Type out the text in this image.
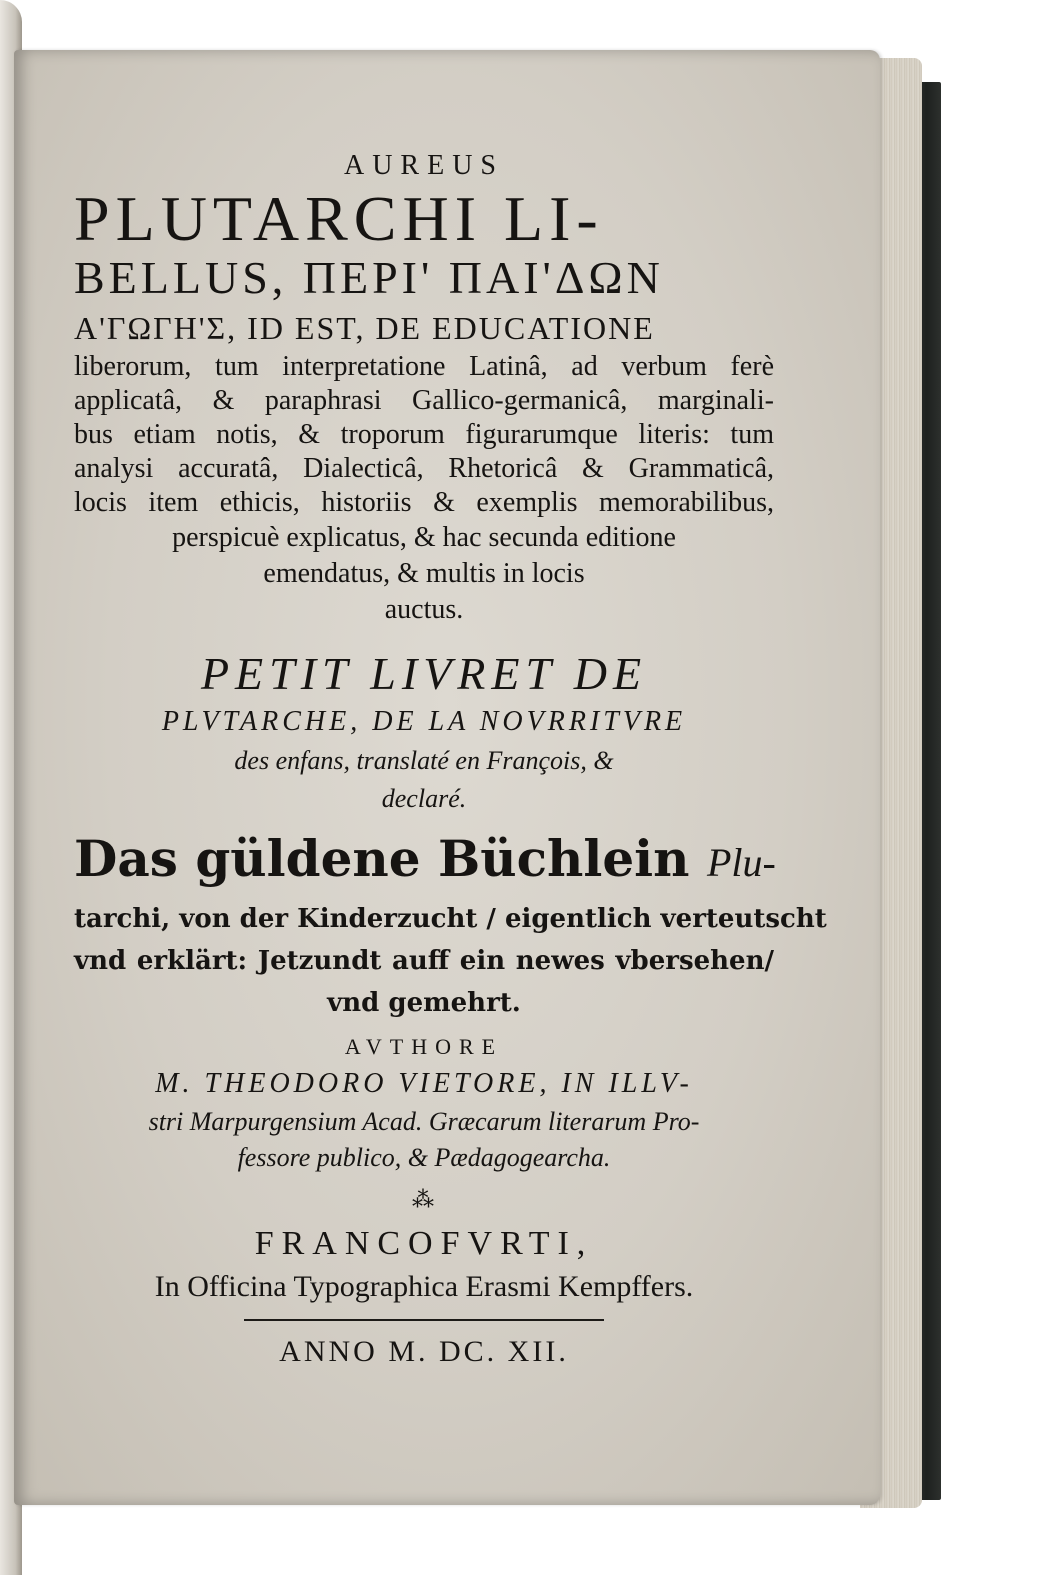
AUREUS

PLUTARCHI LI-

BELLUS, ΠΕΡΙ' ΠΑΙ'ΔΩΝ

Α'ΓΩΓΗ'Σ, ID EST, DE EDUCATIONE

liberorum, tum interpretatione Latinâ, ad verbum ferè

applicatâ, & paraphrasi Gallico-germanicâ, marginali-

bus etiam notis, & troporum figurarumque literis: tum

analysi accuratâ, Dialecticâ, Rhetoricâ & Grammaticâ,

locis item ethicis, historiis & exemplis memorabilibus,

perspicuè explicatus, & hac secunda editione

emendatus, & multis in locis

auctus.

PETIT LIVRET DE

PLVTARCHE, DE LA NOVRRITVRE

des enfans, translaté en François, &

declaré.

Das güldene Büchlein Plu-

tarchi, von der Kinderzucht / eigentlich verteutscht

vnd erklärt: Jetzundt auff ein newes vbersehen/

vnd gemehrt.

AVTHORE

M. THEODORO VIETORE, IN ILLV-

stri Marpurgensium Acad. Græcarum literarum Pro-

fessore publico, & Pædagogearcha.

⁂

FRANCOFVRTI,

In Officina Typographica Erasmi Kempffers.

ANNO M. DC. XII.
